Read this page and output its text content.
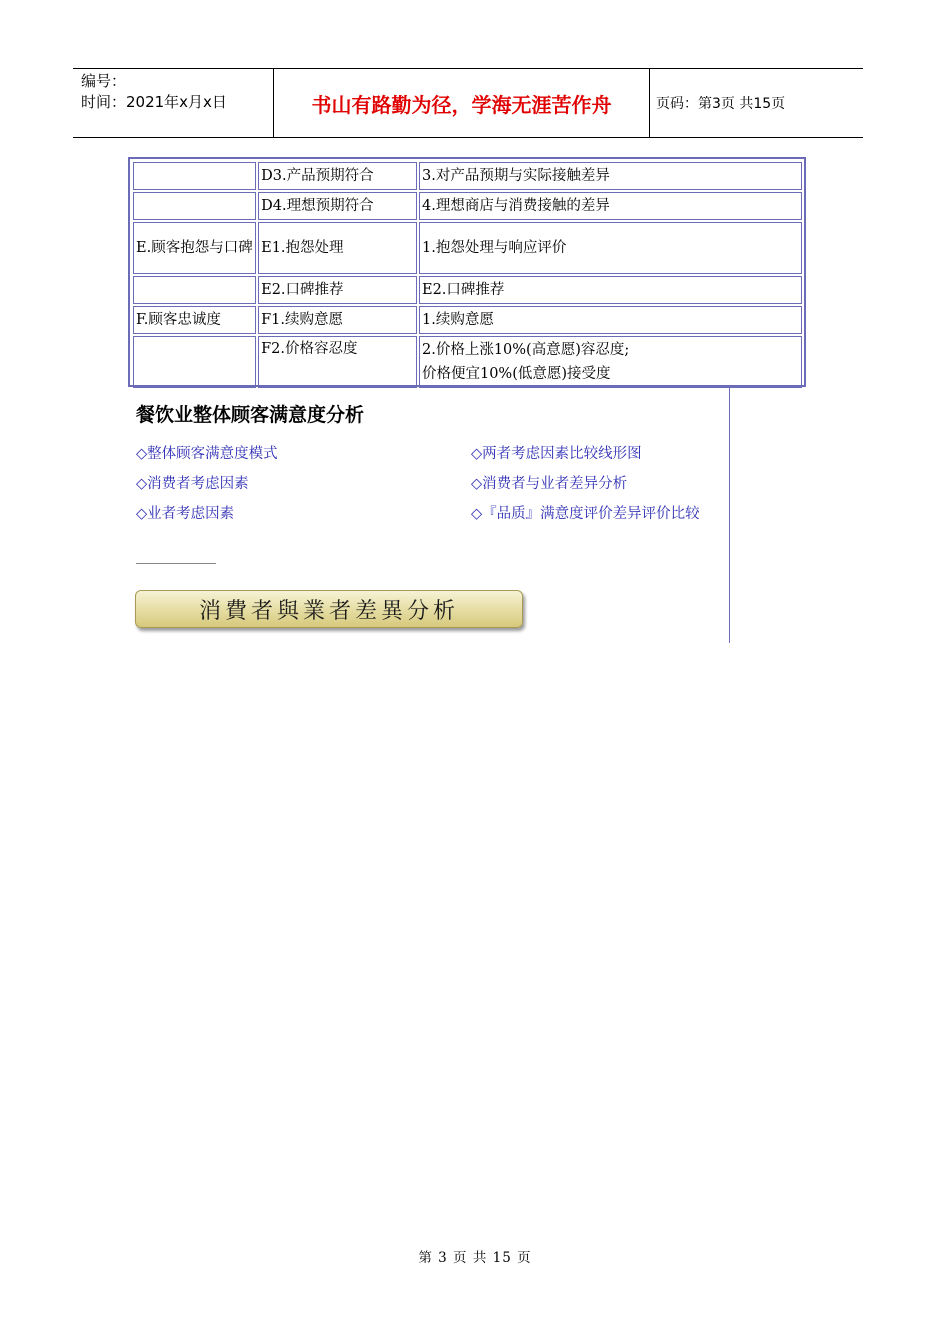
编号：
时间：2021年x月x日	书山有路勤为径，学海无涯苦作舟	页码：第3页 共15页
	D3.产品预期符合	3.对产品预期与实际接触差异
	D4.理想预期符合	4.理想商店与消费接触的差异
E.顾客抱怨与口碑	E1.抱怨处理	1.抱怨处理与响应评价
	E2.口碑推荐	E2.口碑推荐
F.顾客忠诚度	F1.续购意愿	1.续购意愿
	F2.价格容忍度	2.价格上涨10%(高意愿)容忍度;
价格便宜10%(低意愿)接受度
餐饮业整体顾客满意度分析
◇整体顾客满意度模式	◇两者考虑因素比较线形图
◇消费者考虑因素	◇消费者与业者差异分析
◇业者考虑因素	◇『品质』满意度评价差异评价比较
消費者與業者差異分析
第 3 页 共 15 页
